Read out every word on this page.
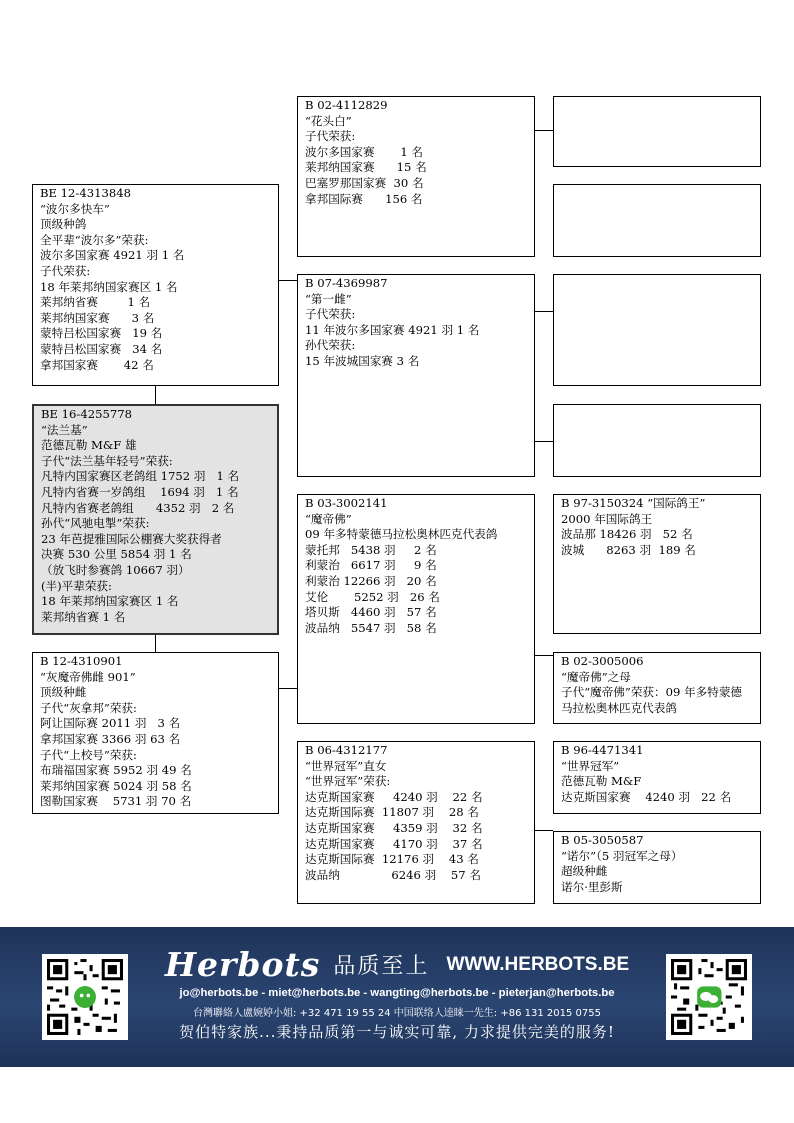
BE 12-4313848
“波尔多快车”
顶级种鸽
全平辈“波尔多”荣获:
波尔多国家赛 4921 羽 1 名
子代荣获:
18 年莱邦纳国家赛区 1 名
莱邦纳省赛        1 名
莱邦纳国家赛      3 名
蒙特吕松国家赛   19 名
蒙特吕松国家赛   34 名
拿邦国家赛       42 名
BE 16-4255778
“法兰基”
范德瓦勒 M&F 雄
子代“法兰基年轻号”荣获:
凡特内国家赛区老鸽组 1752 羽   1 名
凡特内省赛一岁鸽组    1694 羽   1 名
凡特内省赛老鸽组      4352 羽   2 名
孙代“风驰电掣”荣获:
23 年芭提雅国际公棚赛大奖获得者
决赛 530 公里 5854 羽 1 名
（放飞时参赛鸽 10667 羽）
(半)平辈荣获:
18 年莱邦纳国家赛区 1 名
莱邦纳省赛 1 名
B 12-4310901
“灰魔帝佛雌 901”
顶级种雌
子代“灰拿邦”荣获:
阿让国际赛 2011 羽   3 名
拿邦国家赛 3366 羽 63 名
子代“上校号”荣获:
布瑞福国家赛 5952 羽 49 名
莱邦纳国家赛 5024 羽 58 名
图勒国家赛    5731 羽 70 名
B 02-4112829
“花头白”
子代荣获:
波尔多国家赛       1 名
莱邦纳国家赛      15 名
巴塞罗那国家赛  30 名
拿邦国际赛      156 名
B 07-4369987
“第一雌”
子代荣获:
11 年波尔多国家赛 4921 羽 1 名
孙代荣获:
15 年波城国家赛 3 名
B 03-3002141
“魔帝佛”
09 年多特蒙德马拉松奥林匹克代表鸽
蒙托邦   5438 羽     2 名
利蒙治   6617 羽     9 名
利蒙治 12266 羽   20 名
艾伦       5252 羽   26 名
塔贝斯   4460 羽   57 名
波品纳   5547 羽   58 名
B 06-4312177
“世界冠军”直女
“世界冠军”荣获:
达克斯国家赛     4240 羽    22 名
达克斯国际赛  11807 羽    28 名
达克斯国家赛     4359 羽    32 名
达克斯国家赛     4170 羽    37 名
达克斯国际赛  12176 羽    43 名
波品纳              6246 羽    57 名
B 97-3150324 “国际鸽王”
2000 年国际鸽王
波品那 18426 羽   52 名
波城      8263 羽  189 名
B 02-3005006
“魔帝佛”之母
子代“魔帝佛”荣获：09 年多特蒙德马拉松奥林匹克代表鸽
B 96-4471341
“世界冠军”
范德瓦勒 M&F
达克斯国家赛    4240 羽   22 名
B 05-3050587
“诺尔”（5 羽冠军之母）
超级种雌
诺尔·里彭斯
Herbots 品质至上 WWW.HERBOTS.BE
jo@herbots.be - miet@herbots.be - wangting@herbots.be - pieterjan@herbots.be
台灣聯絡人盧婉婷小姐: +32 471 19 55 24 中国联络人逵睐一先生: +86 131 2015 0755
贺伯特家族...秉持品质第一与诚实可靠, 力求提供完美的服务!
